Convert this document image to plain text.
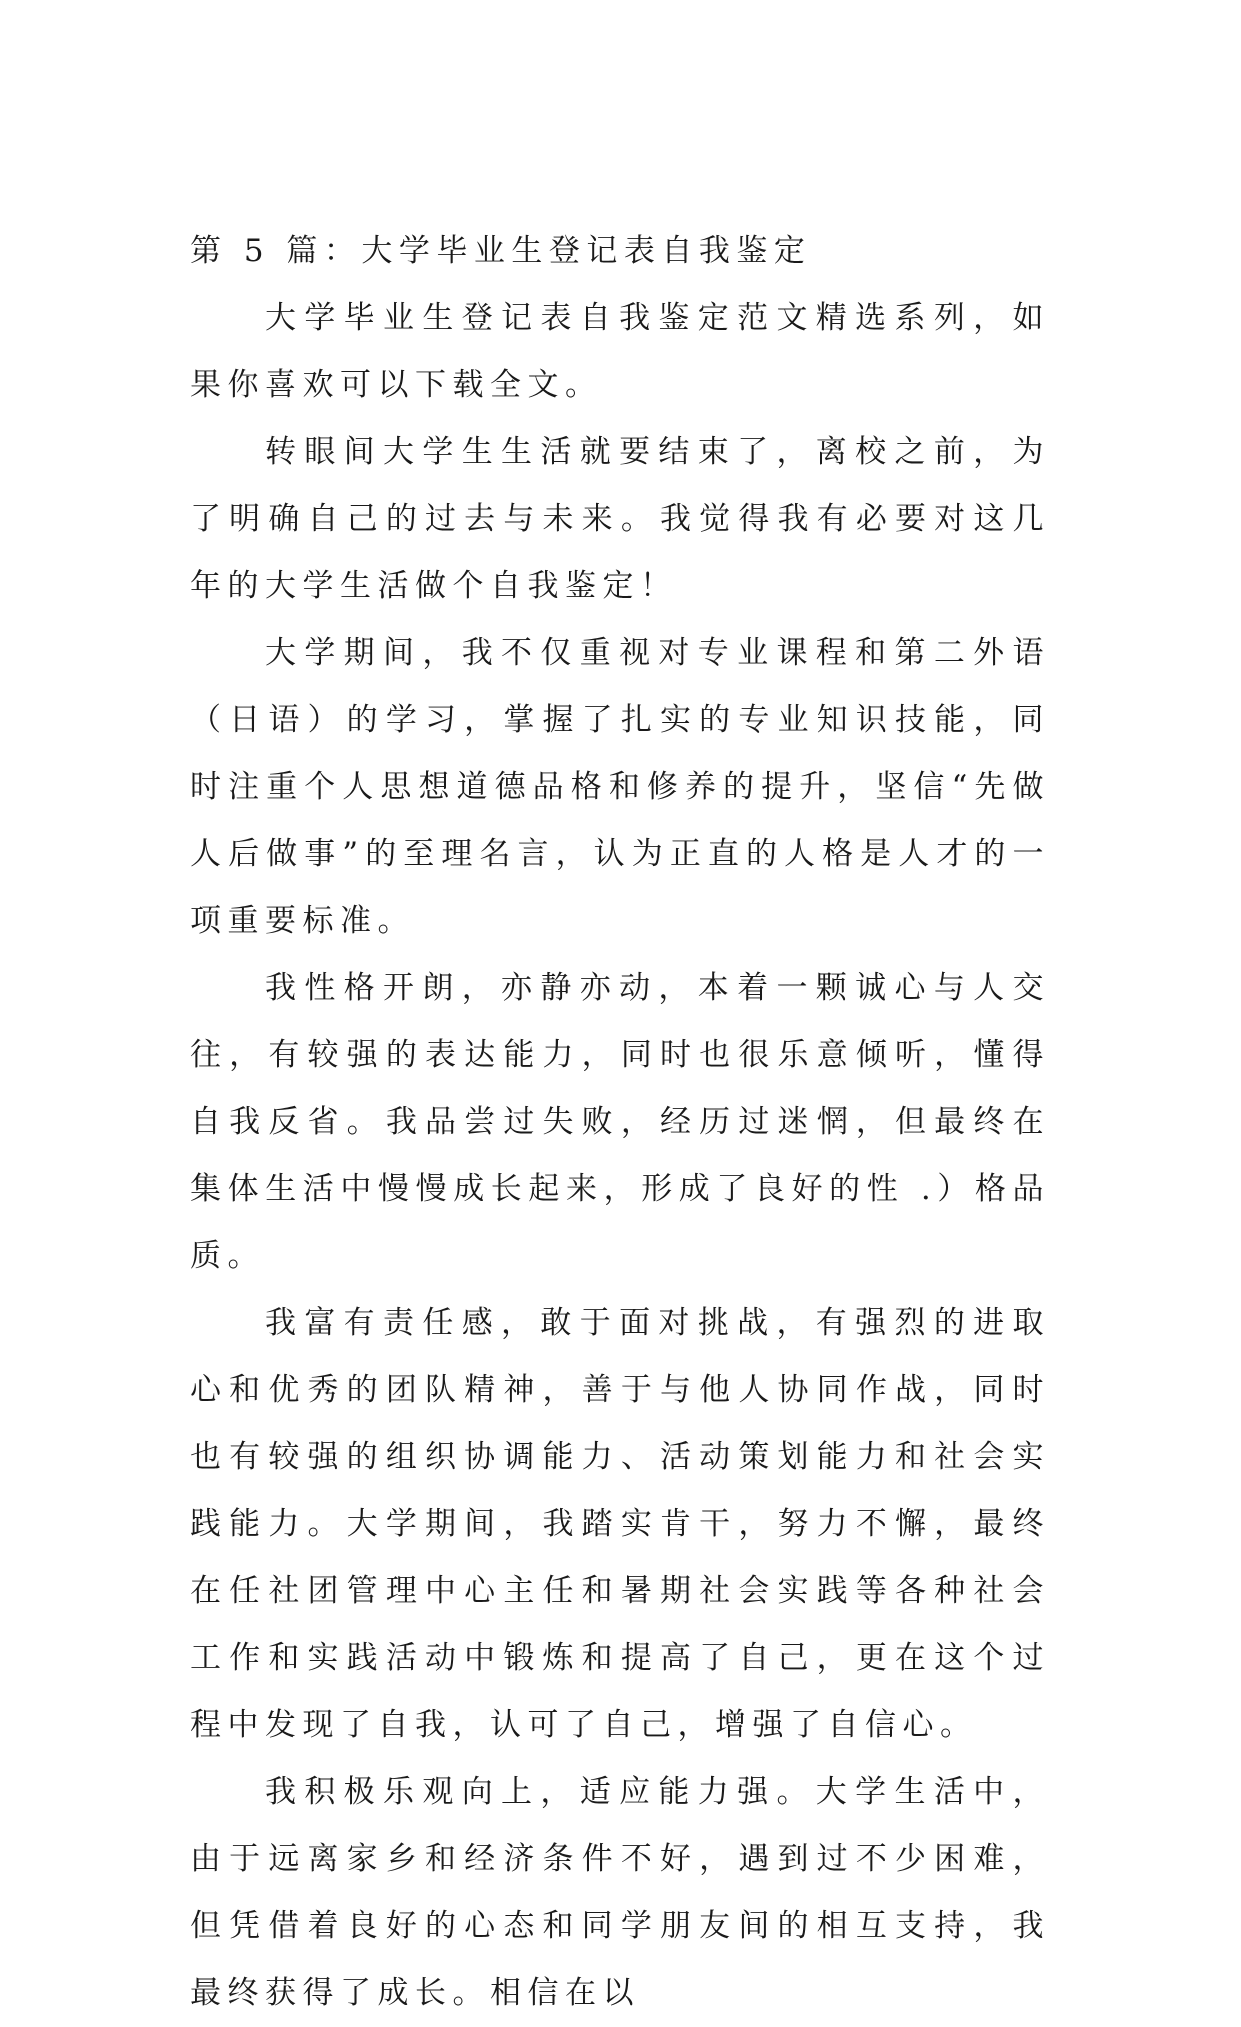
第 5 篇：大学毕业生登记表自我鉴定

大学毕业生登记表自我鉴定范文精选系列，如果你喜欢可以下载全文。

转眼间大学生生活就要结束了，离校之前，为了明确自己的过去与未来。我觉得我有必要对这几年的大学生活做个自我鉴定！

大学期间，我不仅重视对专业课程和第二外语（日语）的学习，掌握了扎实的专业知识技能，同时注重个人思想道德品格和修养的提升，坚信“先做人后做事”的至理名言，认为正直的人格是人才的一项重要标准。

我性格开朗，亦静亦动，本着一颗诚心与人交往，有较强的表达能力，同时也很乐意倾听，懂得自我反省。我品尝过失败，经历过迷惘，但最终在集体生活中慢慢成长起来，形成了良好的性 .）格品质。

我富有责任感，敢于面对挑战，有强烈的进取心和优秀的团队精神，善于与他人协同作战，同时也有较强的组织协调能力、活动策划能力和社会实践能力。大学期间，我踏实肯干，努力不懈，最终在任社团管理中心主任和暑期社会实践等各种社会工作和实践活动中锻炼和提高了自己，更在这个过程中发现了自我，认可了自己，增强了自信心。

我积极乐观向上，适应能力强。大学生活中，由于远离家乡和经济条件不好，遇到过不少困难，但凭借着良好的心态和同学朋友间的相互支持，我最终获得了成长。相信在以
